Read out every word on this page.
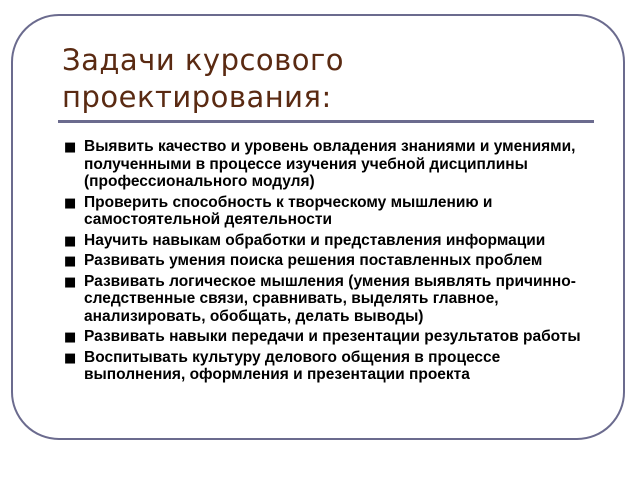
Задачи курсового проектирования:
■ Выявить качество и уровень овладения знаниями и умениями, полученными в процессе изучения учебной дисциплины (профессионального модуля)
■ Проверить способность к творческому мышлению и самостоятельной деятельности
■ Научить навыкам обработки и представления информации
■ Развивать умения поиска решения поставленных проблем
■ Развивать логическое мышления (умения выявлять причинно-следственные связи, сравнивать, выделять главное, анализировать, обобщать, делать выводы)
■ Развивать навыки передачи и презентации результатов работы
■ Воспитывать культуру делового общения в процессе выполнения, оформления и презентации проекта
